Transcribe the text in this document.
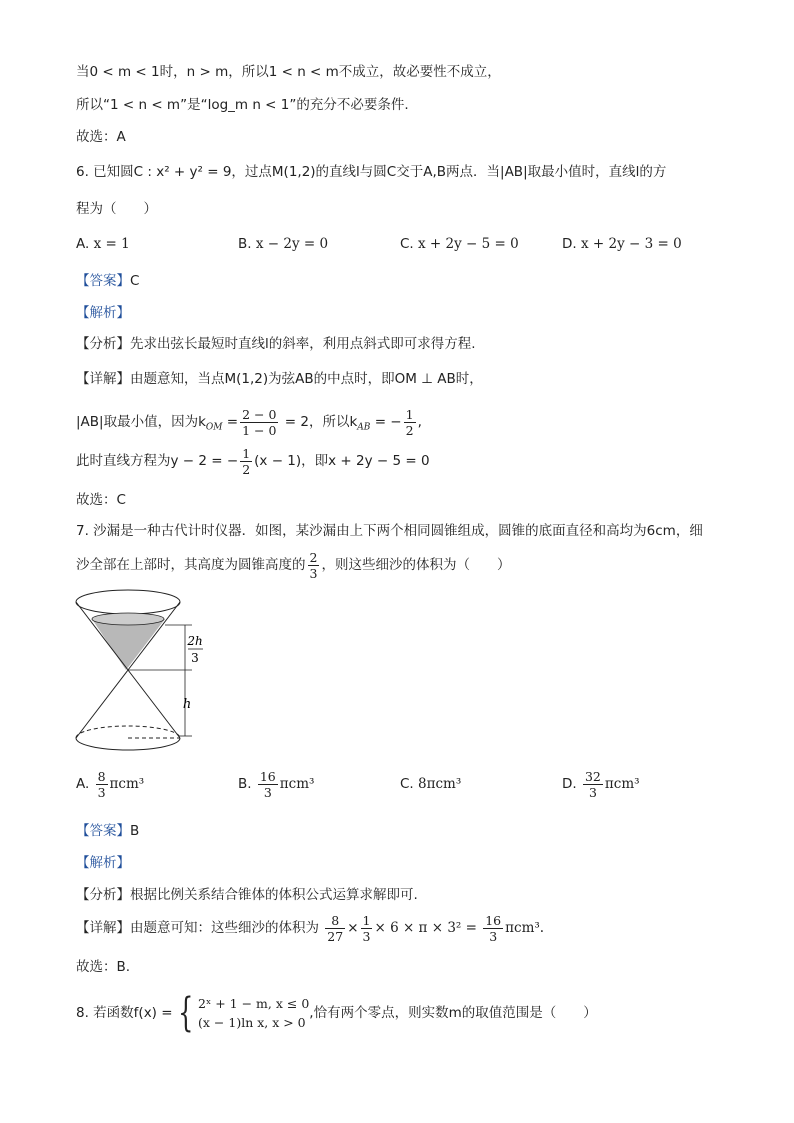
当0 < m < 1时，n > m，所以1 < n < m不成立，故必要性不成立，
所以“1 < n < m”是“log_m n < 1”的充分不必要条件.
故选：A
6. 已知圆C : x² + y² = 9，过点M(1,2)的直线l与圆C交于A,B两点．当|AB|取最小值时，直线l的方
程为（　　）
A. x = 1	B. x − 2y = 0	C. x + 2y − 5 = 0	D. x + 2y − 3 = 0
【答案】C
【解析】
【分析】先求出弦长最短时直线l的斜率，利用点斜式即可求得方程.
【详解】由题意知，当点M(1,2)为弦AB的中点时，即OM ⊥ AB时，
|AB|取最小值，因为$k_{OM} = \frac{2 - 0}{1 - 0} = 2$，所以$k_{AB}$ = − $\frac{1}{2}$ ,
此时直线方程为y − 2 = − $\frac{1}{2} (x - 1)$，即x + 2y − 5 = 0
故选：C
7. 沙漏是一种古代计时仪器．如图，某沙漏由上下两个相同圆锥组成，圆锥的底面直径和高均为6cm，细
沙全部在上部时，其高度为圆锥高度的 $\frac{2}{3}$ ，则这些细沙的体积为（　　）
2h
3
h
A. $\frac{8}{3} \pi cm^3$	B. $\frac{16}{3} \pi cm^3$	C. 8πcm³	D. $\frac{32}{3} \pi cm^3$
【答案】B
【解析】
【分析】根据比例关系结合锥体的体积公式运算求解即可.
【详解】由题意可知：这些细沙的体积为 $\frac{8}{27} \times \frac{1}{3} \times 6 \times \pi \times 3^2 = \frac{16}{3} \pi cm^3$.
故选：B.
8. 若函数f(x) = { 2ˣ + 1 − m, x ≤ 0
(x − 1)ln x, x > 0
,恰有两个零点，则实数m的取值范围是（　　）
